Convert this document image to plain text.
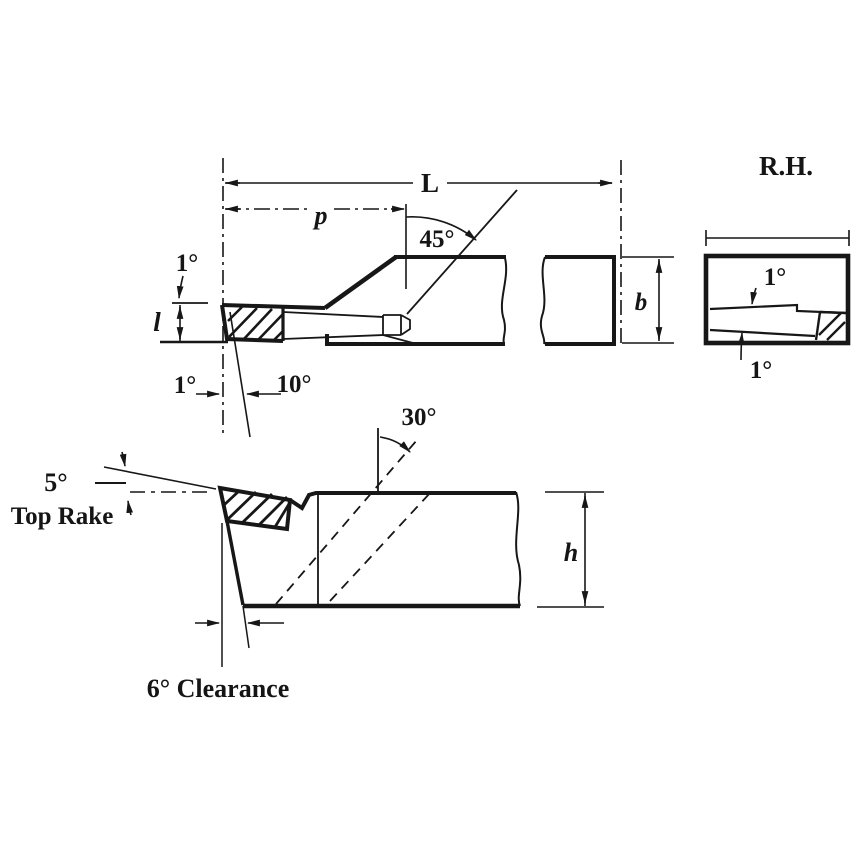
L
p
45°
1°
l
1°	10°
b
R.H.
1°
1°
5°
Top Rake
30°
6° Clearance
h
